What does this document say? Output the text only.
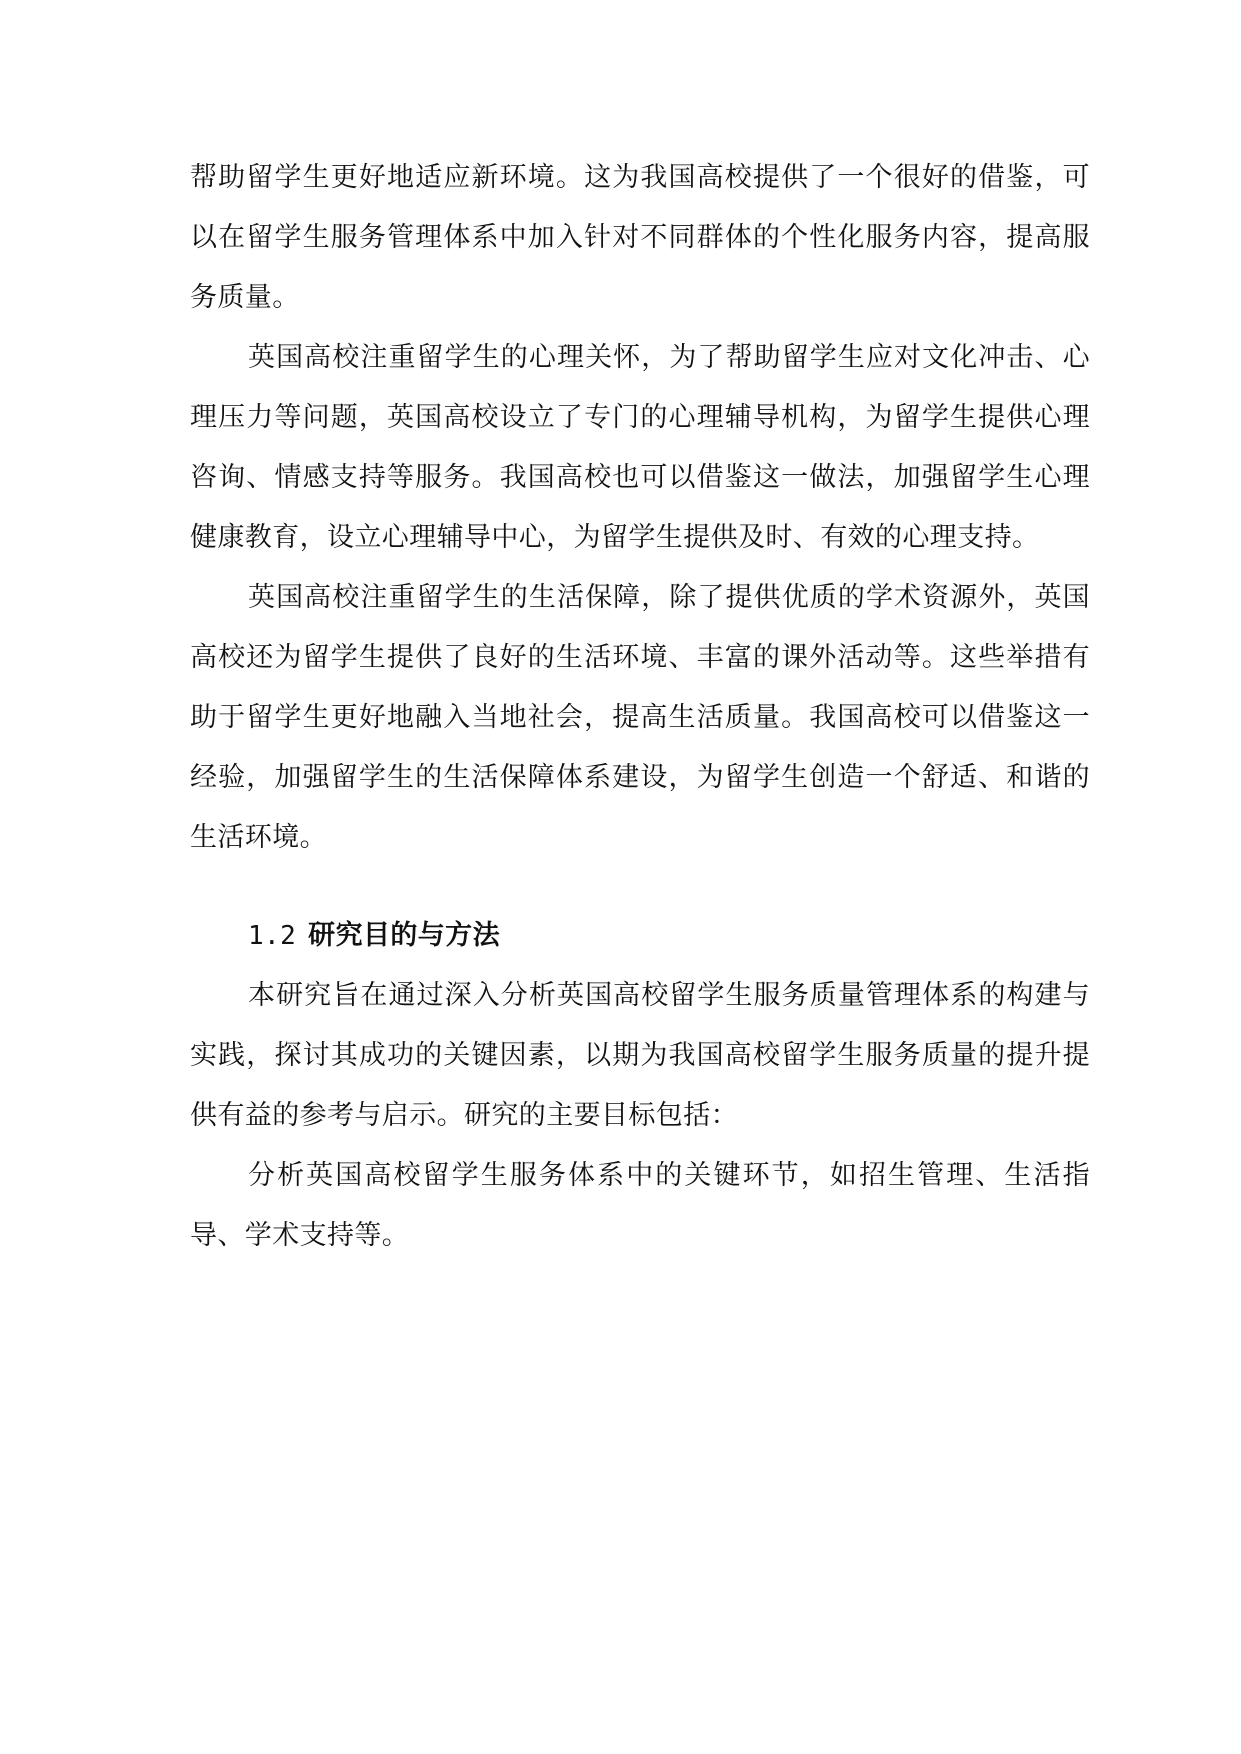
帮助留学生更好地适应新环境。这为我国高校提供了一个很好的借鉴，可以在留学生服务管理体系中加入针对不同群体的个性化服务内容，提高服务质量。

英国高校注重留学生的心理关怀，为了帮助留学生应对文化冲击、心理压力等问题，英国高校设立了专门的心理辅导机构，为留学生提供心理咨询、情感支持等服务。我国高校也可以借鉴这一做法，加强留学生心理健康教育，设立心理辅导中心，为留学生提供及时、有效的心理支持。

英国高校注重留学生的生活保障，除了提供优质的学术资源外，英国高校还为留学生提供了良好的生活环境、丰富的课外活动等。这些举措有助于留学生更好地融入当地社会，提高生活质量。我国高校可以借鉴这一经验，加强留学生的生活保障体系建设，为留学生创造一个舒适、和谐的生活环境。

1.2 研究目的与方法

本研究旨在通过深入分析英国高校留学生服务质量管理体系的构建与实践，探讨其成功的关键因素，以期为我国高校留学生服务质量的提升提供有益的参考与启示。研究的主要目标包括：

分析英国高校留学生服务体系中的关键环节，如招生管理、生活指导、学术支持等。
